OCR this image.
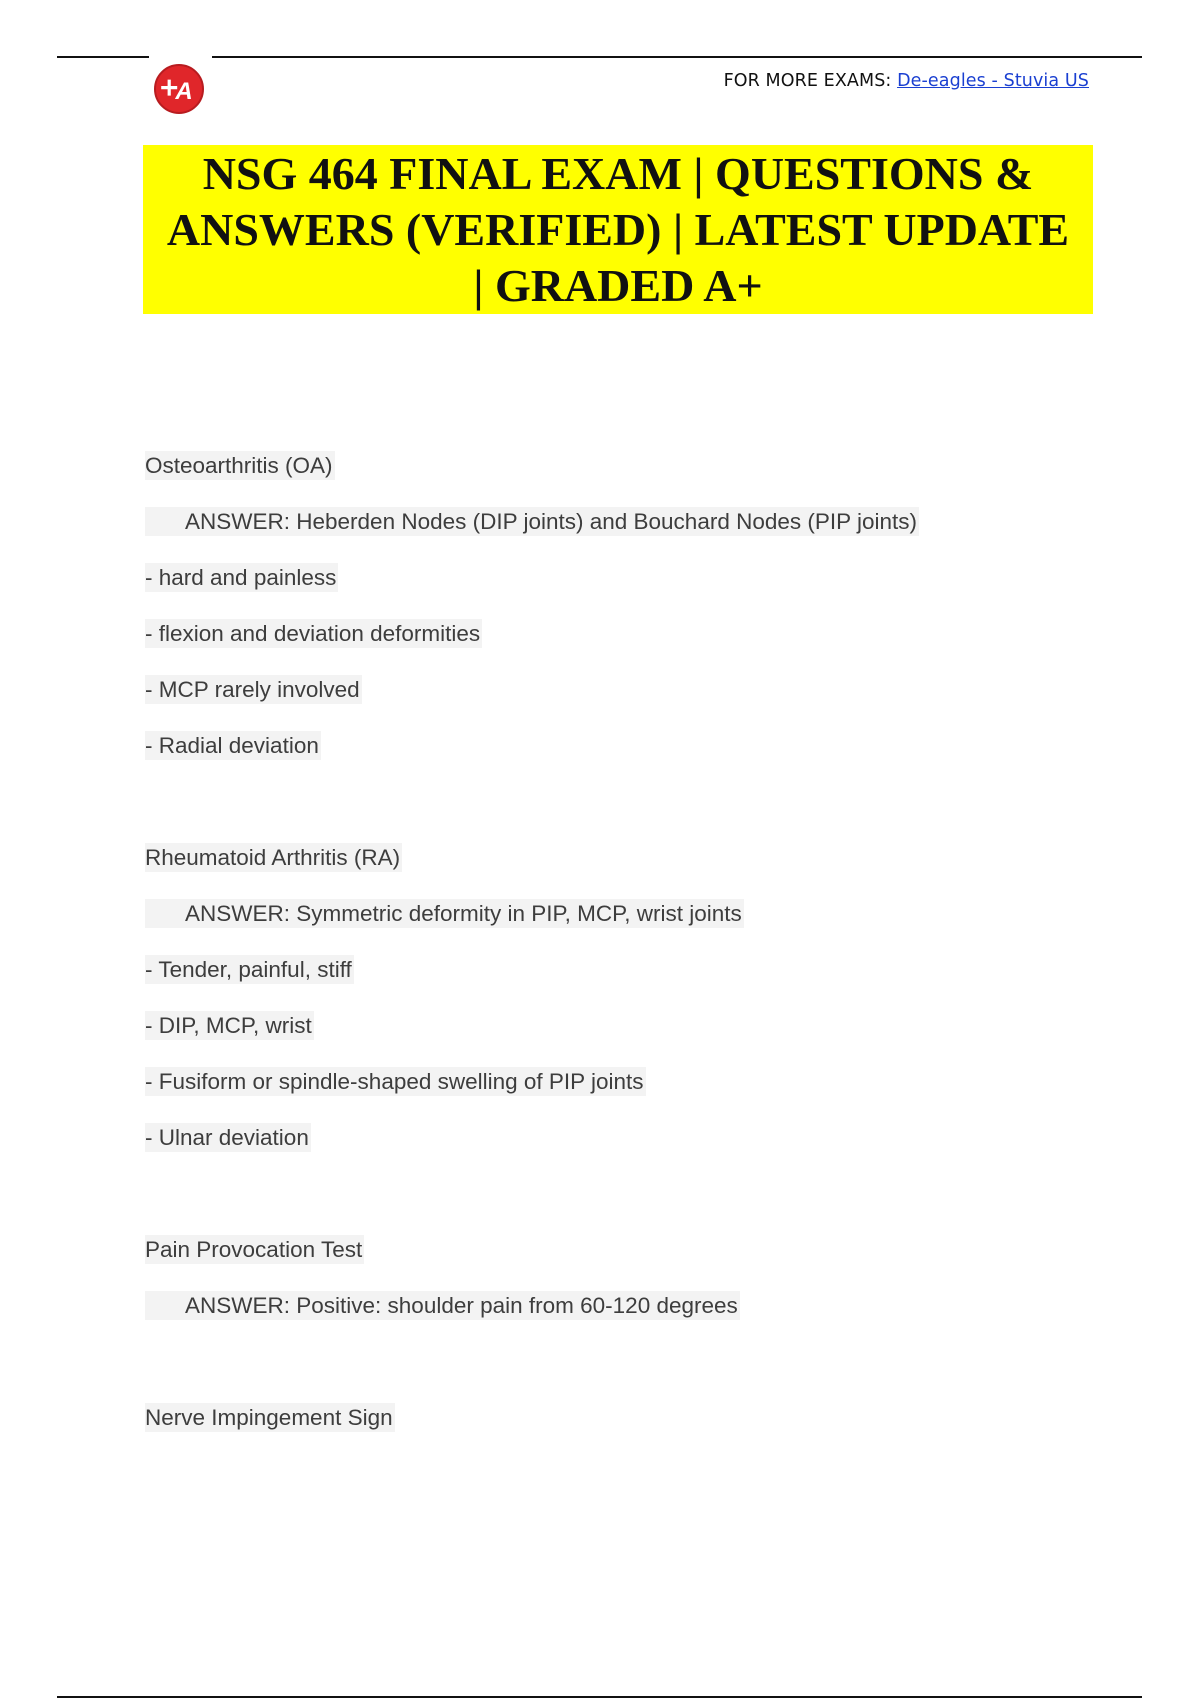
A	FOR MORE EXAMS: De-eagles - Stuvia US
NSG 464 FINAL EXAM | QUESTIONS & ANSWERS (VERIFIED) | LATEST UPDATE | GRADED A+
Osteoarthritis (OA)
ANSWER: Heberden Nodes (DIP joints) and Bouchard Nodes (PIP joints)
- hard and painless
- flexion and deviation deformities
- MCP rarely involved
- Radial deviation
Rheumatoid Arthritis (RA)
ANSWER: Symmetric deformity in PIP, MCP, wrist joints
- Tender, painful, stiff
- DIP, MCP, wrist
- Fusiform or spindle-shaped swelling of PIP joints
- Ulnar deviation
Pain Provocation Test
ANSWER: Positive: shoulder pain from 60-120 degrees
Nerve Impingement Sign
